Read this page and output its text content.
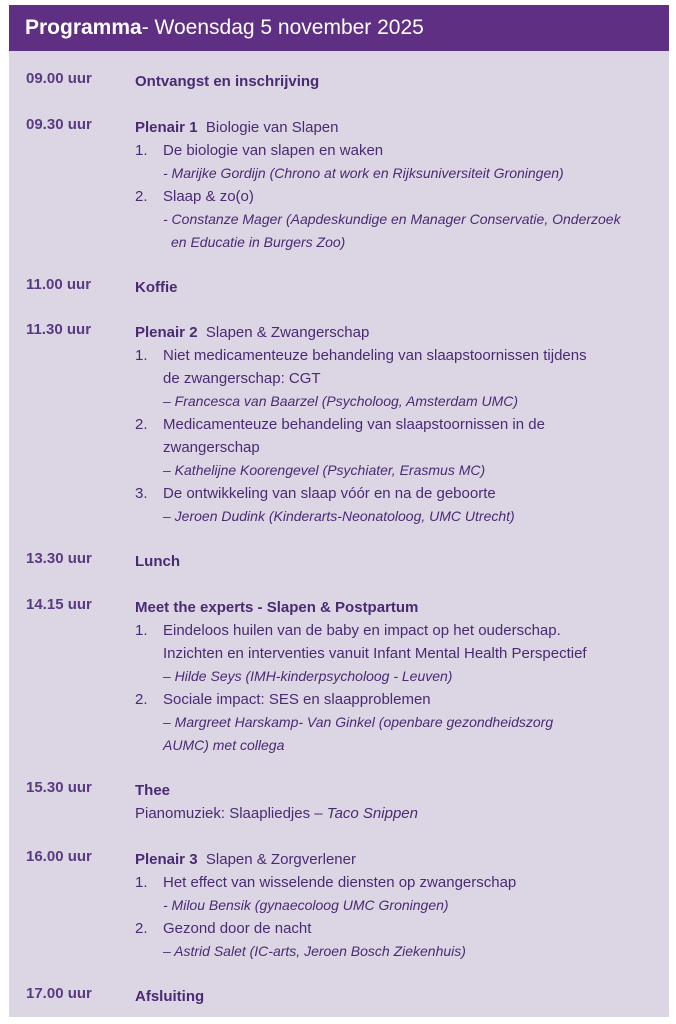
Programma - Woensdag 5 november 2025
09.00 uur	Ontvangst en inschrijving
09.30 uur	Plenair 1 Biologie van Slapen
1. De biologie van slapen en waken
- Marijke Gordijn (Chrono at work en Rijksuniversiteit Groningen)
2. Slaap & zo(o)
- Constanze Mager (Aapdeskundige en Manager Conservatie, Onderzoek
en Educatie in Burgers Zoo)
11.00 uur	Koffie
11.30 uur	Plenair 2 Slapen & Zwangerschap
1. Niet medicamenteuze behandeling van slaapstoornissen tijdens
de zwangerschap: CGT
– Francesca van Baarzel (Psycholoog, Amsterdam UMC)
2. Medicamenteuze behandeling van slaapstoornissen in de
zwangerschap
– Kathelijne Koorengevel (Psychiater, Erasmus MC)
3. De ontwikkeling van slaap vóór en na de geboorte
– Jeroen Dudink (Kinderarts-Neonatoloog, UMC Utrecht)
13.30 uur	Lunch
14.15 uur	Meet the experts - Slapen & Postpartum
1. Eindeloos huilen van de baby en impact op het ouderschap.
Inzichten en interventies vanuit Infant Mental Health Perspectief
– Hilde Seys (IMH-kinderpsycholoog - Leuven)
2. Sociale impact: SES en slaapproblemen
– Margreet Harskamp- Van Ginkel (openbare gezondheidszorg
AUMC) met collega
15.30 uur	Thee
Pianomuziek: Slaapliedjes – Taco Snippen
16.00 uur	Plenair 3 Slapen & Zorgverlener
1. Het effect van wisselende diensten op zwangerschap
- Milou Bensik (gynaecoloog UMC Groningen)
2. Gezond door de nacht
– Astrid Salet (IC-arts, Jeroen Bosch Ziekenhuis)
17.00 uur	Afsluiting
